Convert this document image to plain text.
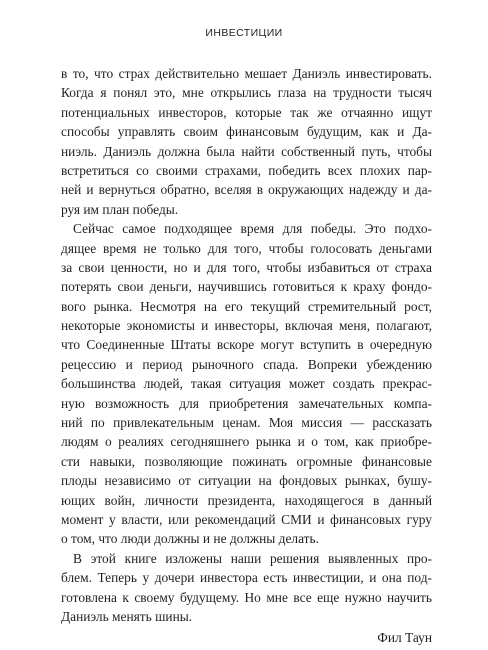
ИНВЕСТИЦИИ
в то, что страх действительно мешает Даниэль инвестировать.
Когда я понял это, мне открылись глаза на трудности тысяч
потенциальных инвесторов, которые так же отчаянно ищут
способы управлять своим финансовым будущим, как и Да-
ниэль. Даниэль должна была найти собственный путь, чтобы
встретиться со своими страхами, победить всех плохих пар-
ней и вернуться обратно, вселяя в окружающих надежду и да-
руя им план победы.
Сейчас самое подходящее время для победы. Это подхо-
дящее время не только для того, чтобы голосовать деньгами
за свои ценности, но и для того, чтобы избавиться от страха
потерять свои деньги, научившись готовиться к краху фондо-
вого рынка. Несмотря на его текущий стремительный рост,
некоторые экономисты и инвесторы, включая меня, полагают,
что Соединенные Штаты вскоре могут вступить в очередную
рецессию и период рыночного спада. Вопреки убеждению
большинства людей, такая ситуация может создать прекрас-
ную возможность для приобретения замечательных компа-
ний по привлекательным ценам. Моя миссия — рассказать
людям о реалиях сегодняшнего рынка и о том, как приобре-
сти навыки, позволяющие пожинать огромные финансовые
плоды независимо от ситуации на фондовых рынках, бушу-
ющих войн, личности президента, находящегося в данный
момент у власти, или рекомендаций СМИ и финансовых гуру
о том, что люди должны и не должны делать.
В этой книге изложены наши решения выявленных про-
блем. Теперь у дочери инвестора есть инвестиции, и она под-
готовлена к своему будущему. Но мне все еще нужно научить
Даниэль менять шины.
Фил Таун
